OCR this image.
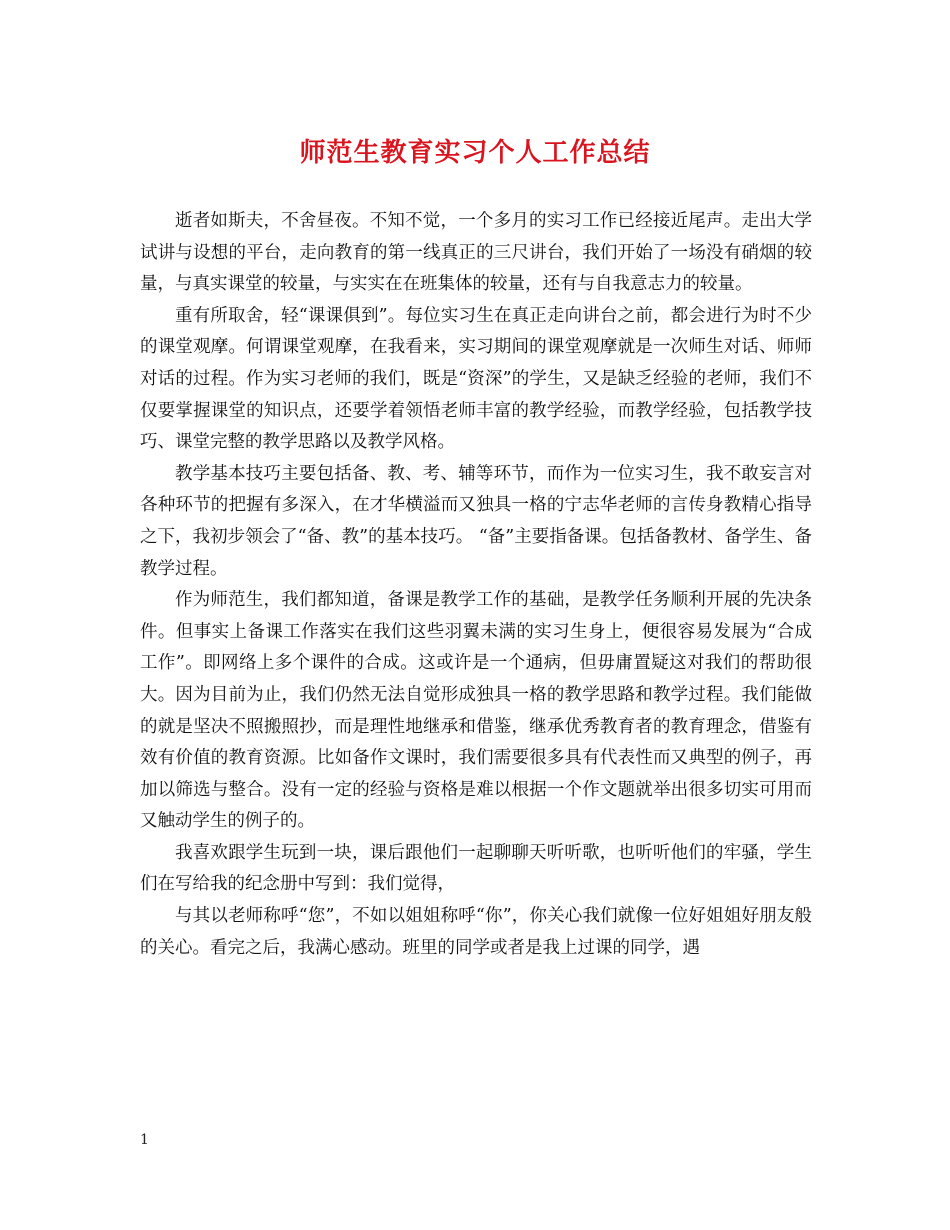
师范生教育实习个人工作总结

逝者如斯夫，不舍昼夜。不知不觉，一个多月的实习工作已经接近尾声。走出大学试讲与设想的平台，走向教育的第一线真正的三尺讲台，我们开始了一场没有硝烟的较量，与真实课堂的较量，与实实在在班集体的较量，还有与自我意志力的较量。

重有所取舍，轻“课课俱到”。每位实习生在真正走向讲台之前，都会进行为时不少的课堂观摩。何谓课堂观摩，在我看来，实习期间的课堂观摩就是一次师生对话、师师对话的过程。作为实习老师的我们，既是“资深”的学生，又是缺乏经验的老师，我们不仅要掌握课堂的知识点，还要学着领悟老师丰富的教学经验，而教学经验，包括教学技巧、课堂完整的教学思路以及教学风格。

教学基本技巧主要包括备、教、考、辅等环节，而作为一位实习生，我不敢妄言对各种环节的把握有多深入，在才华横溢而又独具一格的宁志华老师的言传身教精心指导之下，我初步领会了“备、教”的基本技巧。 “备”主要指备课。包括备教材、备学生、备教学过程。

作为师范生，我们都知道，备课是教学工作的基础，是教学任务顺利开展的先决条件。但事实上备课工作落实在我们这些羽翼未满的实习生身上，便很容易发展为“合成工作”。即网络上多个课件的合成。这或许是一个通病，但毋庸置疑这对我们的帮助很大。因为目前为止，我们仍然无法自觉形成独具一格的教学思路和教学过程。我们能做的就是坚决不照搬照抄，而是理性地继承和借鉴，继承优秀教育者的教育理念，借鉴有效有价值的教育资源。比如备作文课时，我们需要很多具有代表性而又典型的例子，再加以筛选与整合。没有一定的经验与资格是难以根据一个作文题就举出很多切实可用而又触动学生的例子的。

我喜欢跟学生玩到一块，课后跟他们一起聊聊天听听歌，也听听他们的牢骚，学生们在写给我的纪念册中写到：我们觉得，

与其以老师称呼“您”，不如以姐姐称呼“你”，你关心我们就像一位好姐姐好朋友般的关心。看完之后，我满心感动。班里的同学或者是我上过课的同学，遇

1
